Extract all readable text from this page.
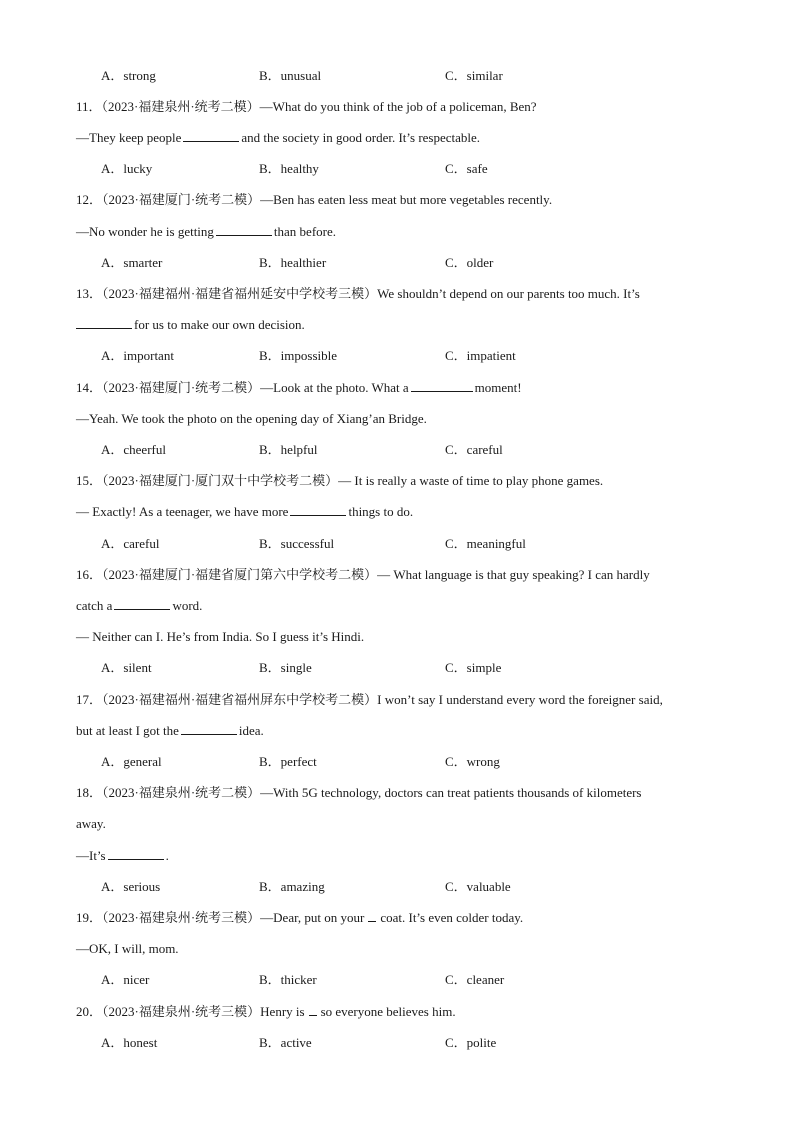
A．strong	B．unusual	C．similar
11．（2023·福建泉州·统考二模）—What do you think of the job of a policeman, Ben?
—They keep people	and the society in good order. It’s respectable.
A．lucky	B．healthy	C．safe
12．（2023·福建厦门·统考二模）—Ben has eaten less meat but more vegetables recently.
—No wonder he is getting	than before.
A．smarter	B．healthier	C．older
13．（2023·福建福州·福建省福州延安中学校考三模）We shouldn’t depend on our parents too much. It’s
for us to make our own decision.
A．important	B．impossible	C．impatient
14．（2023·福建厦门·统考二模）—Look at the photo. What a	moment!
—Yeah. We took the photo on the opening day of Xiang’an Bridge.
A．cheerful	B．helpful	C．careful
15．（2023·福建厦门·厦门双十中学校考二模）— It is really a waste of time to play phone games.
— Exactly! As a teenager, we have more	things to do.
A．careful	B．successful	C．meaningful
16．（2023·福建厦门·福建省厦门第六中学校考二模）— What language is that guy speaking? I can hardly
catch a	word.
— Neither can I. He’s from India. So I guess it’s Hindi.
A．silent	B．single	C．simple
17．（2023·福建福州·福建省福州屏东中学校考二模）I won’t say I understand every word the foreigner said,
but at least I got the	idea.
A．general	B．perfect	C．wrong
18．（2023·福建泉州·统考二模）—With 5G technology, doctors can treat patients thousands of kilometers
away.
—It’s	.
A．serious	B．amazing	C．valuable
19．（2023·福建泉州·统考三模）—Dear, put on your coat. It’s even colder today.
—OK, I will, mom.
A．nicer	B．thicker	C．cleaner
20．（2023·福建泉州·统考三模）Henry is so everyone believes him.
A．honest	B．active	C．polite
